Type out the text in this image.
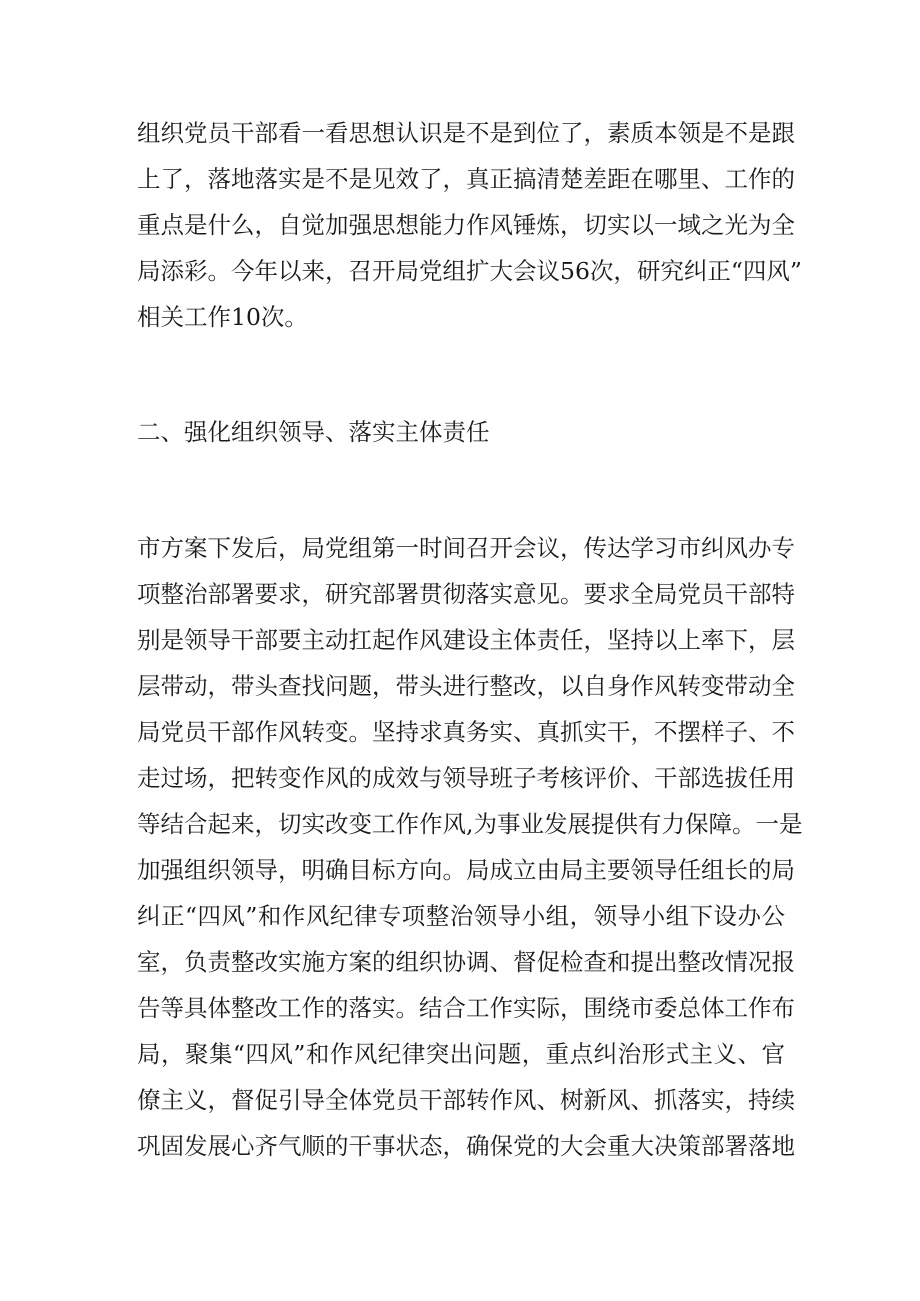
组织党员干部看一看思想认识是不是到位了，素质本领是不是跟
上了，落地落实是不是见效了，真正搞清楚差距在哪里、工作的
重点是什么，自觉加强思想能力作风锤炼，切实以一域之光为全
局添彩。今年以来，召开局党组扩大会议56次，研究纠正“四风”
相关工作10次。
二、强化组织领导、落实主体责任
市方案下发后，局党组第一时间召开会议，传达学习市纠风办专
项整治部署要求，研究部署贯彻落实意见。要求全局党员干部特
别是领导干部要主动扛起作风建设主体责任，坚持以上率下，层
层带动，带头查找问题，带头进行整改，以自身作风转变带动全
局党员干部作风转变。坚持求真务实、真抓实干，不摆样子、不
走过场，把转变作风的成效与领导班子考核评价、干部选拔任用
等结合起来，切实改变工作作风,为事业发展提供有力保障。一是
加强组织领导，明确目标方向。局成立由局主要领导任组长的局
纠正“四风”和作风纪律专项整治领导小组，领导小组下设办公
室，负责整改实施方案的组织协调、督促检查和提出整改情况报
告等具体整改工作的落实。结合工作实际，围绕市委总体工作布
局，聚集“四风”和作风纪律突出问题，重点纠治形式主义、官
僚主义，督促引导全体党员干部转作风、树新风、抓落实，持续
巩固发展心齐气顺的干事状态，确保党的大会重大决策部署落地
